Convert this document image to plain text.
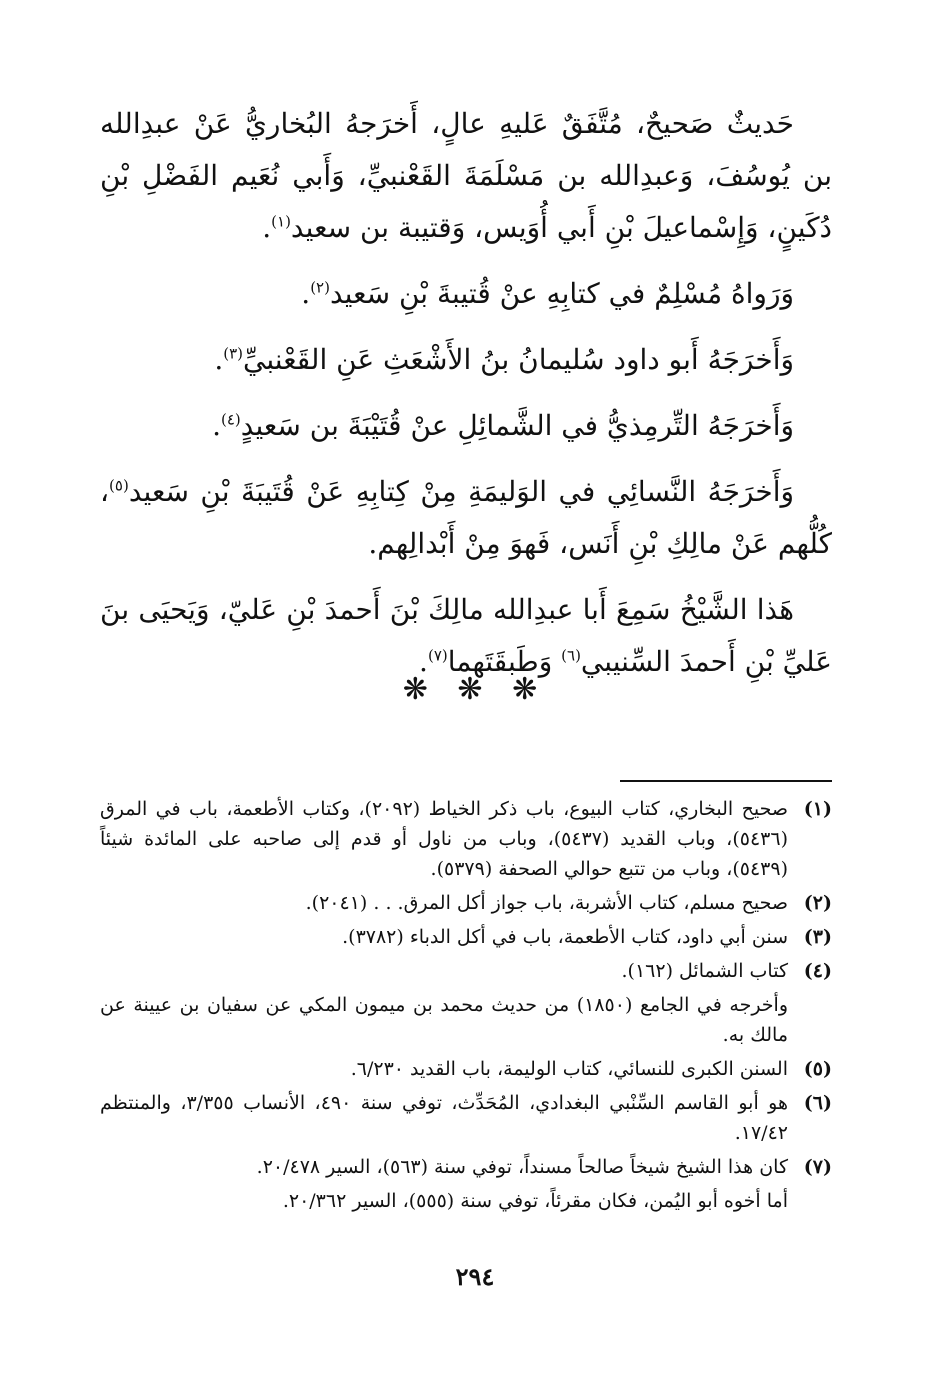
حَديثٌ صَحيحٌ، مُتَّفَقٌ عَليهِ عالٍ، أَخرَجهُ البُخاريُّ عَنْ عبدِالله بن يُوسُفَ، وَعبدِالله بن مَسْلَمَةَ القَعْنبيِّ، وَأَبي نُعَيم الفَضْلِ بْنِ دُكَينٍ، وَإِسْماعيلَ بْنِ أَبي أُوَيس، وَقتيبة بن سعيد$^{(١)}$.

وَرَواهُ مُسْلِمٌ في كتابِهِ عنْ قُتيبةَ بْنِ سَعيد$^{(٢)}$.

وَأَخرَجَهُ أَبو داود سُليمانُ بنُ الأَشْعَثِ عَنِ القَعْنبيِّ$^{(٣)}$.

وَأَخرَجَهُ التِّرمِذيُّ في الشَّمائِلِ عنْ قُتَيْبَةَ بن سَعيدٍ$^{(٤)}$.

وَأَخرَجَهُ النَّسائِي في الوَليمَةِ مِنْ كِتابِهِ عَنْ قُتَيبَةَ بْنِ سَعيد$^{(٥)}$، كُلُّهم عَنْ مالِكِ بْنِ أَنَس، فَهوَ مِنْ أَبْدالِهم.

هَذا الشَّيْخُ سَمِعَ أَبا عبدِالله مالِكَ بْنَ أَحمدَ بْنِ عَليّ، وَيَحيَى بنَ عَليِّ بْنِ أَحمدَ السِّنيبي$^{(٦)}$ وَطَبقَتَهما$^{(٧)}$.

❋ ❋ ❋
(١)
صحيح البخاري، كتاب البيوع، باب ذكر الخياط (٢٠٩٢)، وكتاب الأطعمة، باب في المرق (٥٤٣٦)، وباب القديد (٥٤٣٧)، وباب من ناول أو قدم إلى صاحبه على المائدة شيئاً (٥٤٣٩)، وباب من تتبع حوالي الصحفة (٥٣٧٩).
(٢)
صحيح مسلم، كتاب الأشربة، باب جواز أكل المرق. . . (٢٠٤١).
(٣)
سنن أبي داود، كتاب الأطعمة، باب في أكل الدباء (٣٧٨٢).
(٤)
كتاب الشمائل (١٦٢).
وأخرجه في الجامع (١٨٥٠) من حديث محمد بن ميمون المكي عن سفيان بن عيينة عن مالك به.
(٥)
السنن الكبرى للنسائي، كتاب الوليمة، باب القديد ٦/٢٣٠.
(٦)
هو أبو القاسم السِّنْبي البغدادي، المُحَدِّث، توفي سنة ٤٩٠، الأنساب ٣/٣٥٥، والمنتظم ١٧/٤٢.
(٧)
كان هذا الشيخ شيخاً صالحاً مسنداً، توفي سنة (٥٦٣)، السير ٢٠/٤٧٨.
أما أخوه أبو اليُمن، فكان مقرئاً، توفي سنة (٥٥٥)، السير ٢٠/٣٦٢.
٢٩٤
